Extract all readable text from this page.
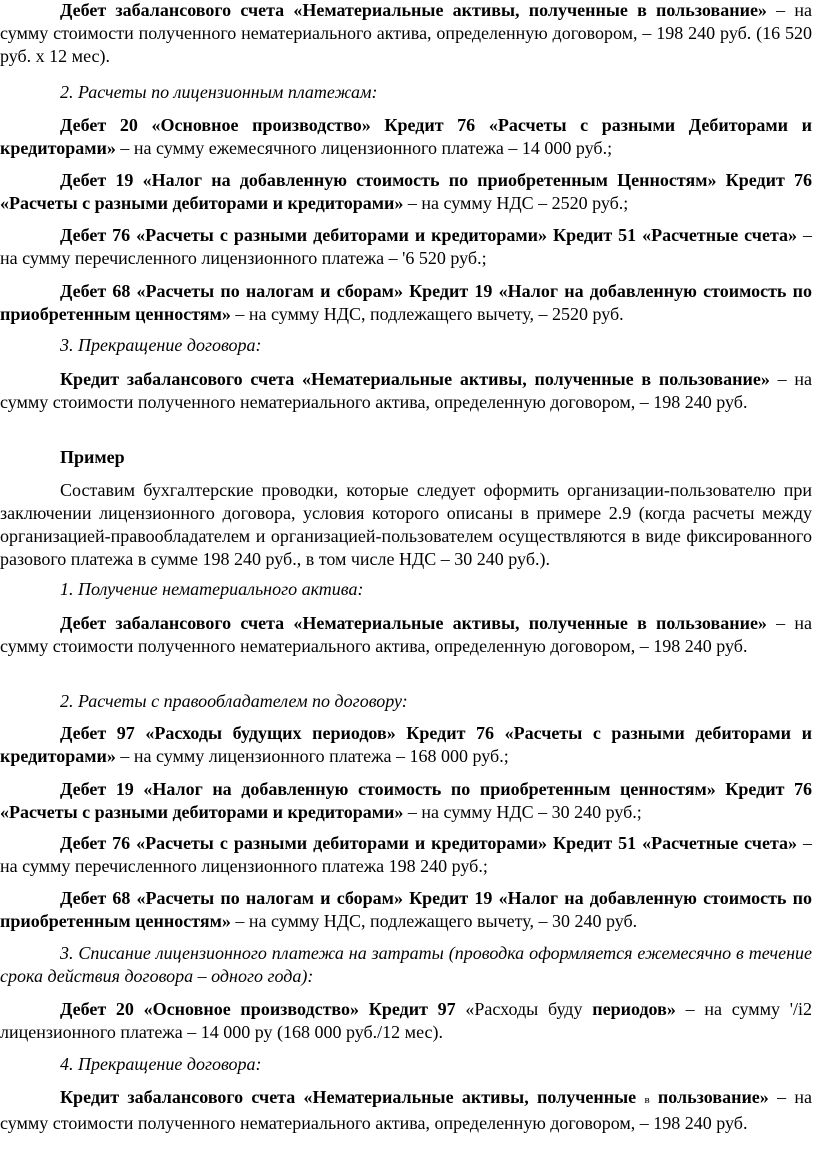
Дебет забалансового счета «Нематериальные активы, полученные в пользование» – на сумму стоимости полученного нематериального актива, определенную договором, – 198 240 руб. (16 520 руб. х 12 мес).

2. Расчеты по лицензионным платежам:

Дебет 20 «Основное производство» Кредит 76 «Расчеты с разными Дебиторами и кредиторами» – на сумму ежемесячного лицензионного платежа – 14 000 руб.;

Дебет 19 «Налог на добавленную стоимость по приобретенным Ценностям» Кредит 76 «Расчеты с разными дебиторами и кредиторами» – на сумму НДС – 2520 руб.;

Дебет 76 «Расчеты с разными дебиторами и кредиторами» Кредит 51 «Расчетные счета» – на сумму перечисленного лицензионного платежа – '6 520 руб.;

Дебет 68 «Расчеты по налогам и сборам» Кредит 19 «Налог на добавленную стоимость по приобретенным ценностям» – на сумму НДС, подлежащего вычету, – 2520 руб.

3. Прекращение договора:

Кредит забалансового счета «Нематериальные активы, полученные в пользование» – на сумму стоимости полученного нематериального актива, определенную договором, – 198 240 руб.

Пример

Составим бухгалтерские проводки, которые следует оформить организации-пользователю при заключении лицензионного договора, условия которого описаны в примере 2.9 (когда расчеты между организацией-правообладателем и организацией-пользователем осуществляются в виде фиксированного разового платежа в сумме 198 240 руб., в том числе НДС – 30 240 руб.).

1. Получение нематериального актива:

Дебет забалансового счета «Нематериальные активы, полученные в пользование» – на сумму стоимости полученного нематериального актива, определенную договором, – 198 240 руб.

2. Расчеты с правообладателем по договору:

Дебет 97 «Расходы будущих периодов» Кредит 76 «Расчеты с разными дебиторами и кредиторами» – на сумму лицензионного платежа – 168 000 руб.;

Дебет 19 «Налог на добавленную стоимость по приобретенным ценностям» Кредит 76 «Расчеты с разными дебиторами и кредиторами» – на сумму НДС – 30 240 руб.;

Дебет 76 «Расчеты с разными дебиторами и кредиторами» Кредит 51 «Расчетные счета» – на сумму перечисленного лицензионного платежа 198 240 руб.;

Дебет 68 «Расчеты по налогам и сборам» Кредит 19 «Налог на добавленную стоимость по приобретенным ценностям» – на сумму НДС, подлежащего вычету, – 30 240 руб.

3. Списание лицензионного платежа на затраты (проводка оформляется ежемесячно в течение срока действия договора – одного года):

Дебет 20 «Основное производство» Кредит 97 «Расходы буду периодов» – на сумму '/i2 лицензионного платежа – 14 000 ру (168 000 руб./12 мес).

4. Прекращение договора:

Кредит забалансового счета «Нематериальные активы, полученные в пользование» – на сумму стоимости полученного нематериального актива, определенную договором, – 198 240 руб.
